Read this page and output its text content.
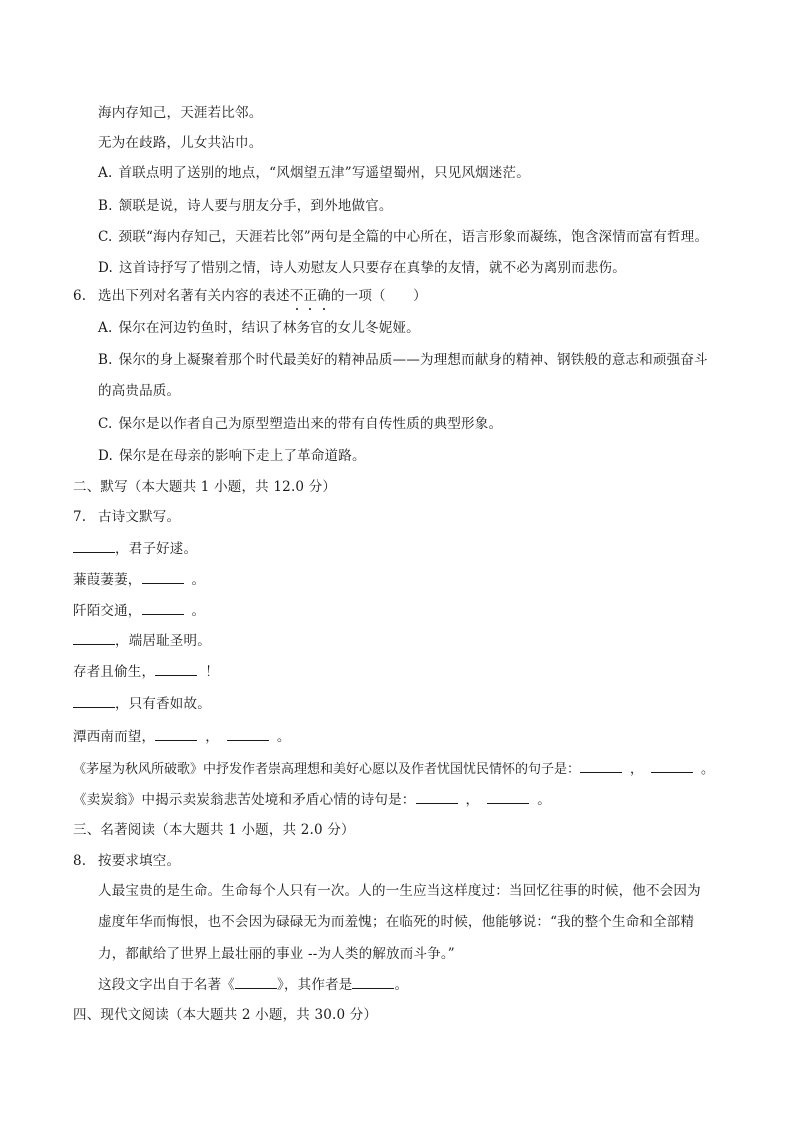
海内存知己，天涯若比邻。
无为在歧路，儿女共沾巾。
A. 首联点明了送别的地点，“风烟望五津”写遥望蜀州，只见风烟迷茫。
B. 颔联是说，诗人要与朋友分手，到外地做官。
C. 颈联“海内存知己，天涯若比邻”两句是全篇的中心所在，语言形象而凝练，饱含深情而富有哲理。
D. 这首诗抒写了惜别之情，诗人劝慰友人只要存在真挚的友情，就不必为离别而悲伤。
6. 选出下列对名著有关内容的表述不正确的一项（　　）
A. 保尔在河边钓鱼时，结识了林务官的女儿冬妮娅。
B. 保尔的身上凝聚着那个时代最美好的精神品质——为理想而献身的精神、钢铁般的意志和顽强奋斗
的高贵品质。
C. 保尔是以作者自己为原型塑造出来的带有自传性质的典型形象。
D. 保尔是在母亲的影响下走上了革命道路。
二、默写（本大题共 1 小题，共 12.0 分）
7. 古诗文默写。
，君子好逑。
蒹葭萋萋，	。
阡陌交通，	。
，端居耻圣明。
存者且偷生，	！
，只有香如故。
潭西南而望，	，	。
《茅屋为秋风所破歌》中抒发作者崇高理想和美好心愿以及作者忧国忧民情怀的句子是：	，	。
《卖炭翁》中揭示卖炭翁悲苦处境和矛盾心情的诗句是：	，	。
三、名著阅读（本大题共 1 小题，共 2.0 分）
8. 按要求填空。
人最宝贵的是生命。生命每个人只有一次。人的一生应当这样度过：当回忆往事的时候，他不会因为
虚度年华而悔恨，也不会因为碌碌无为而羞愧；在临死的时候，他能够说：“我的整个生命和全部精
力，都献给了世界上最壮丽的事业 --为人类的解放而斗争。”
这段文字出自于名著《	》，其作者是	。
四、现代文阅读（本大题共 2 小题，共 30.0 分）
